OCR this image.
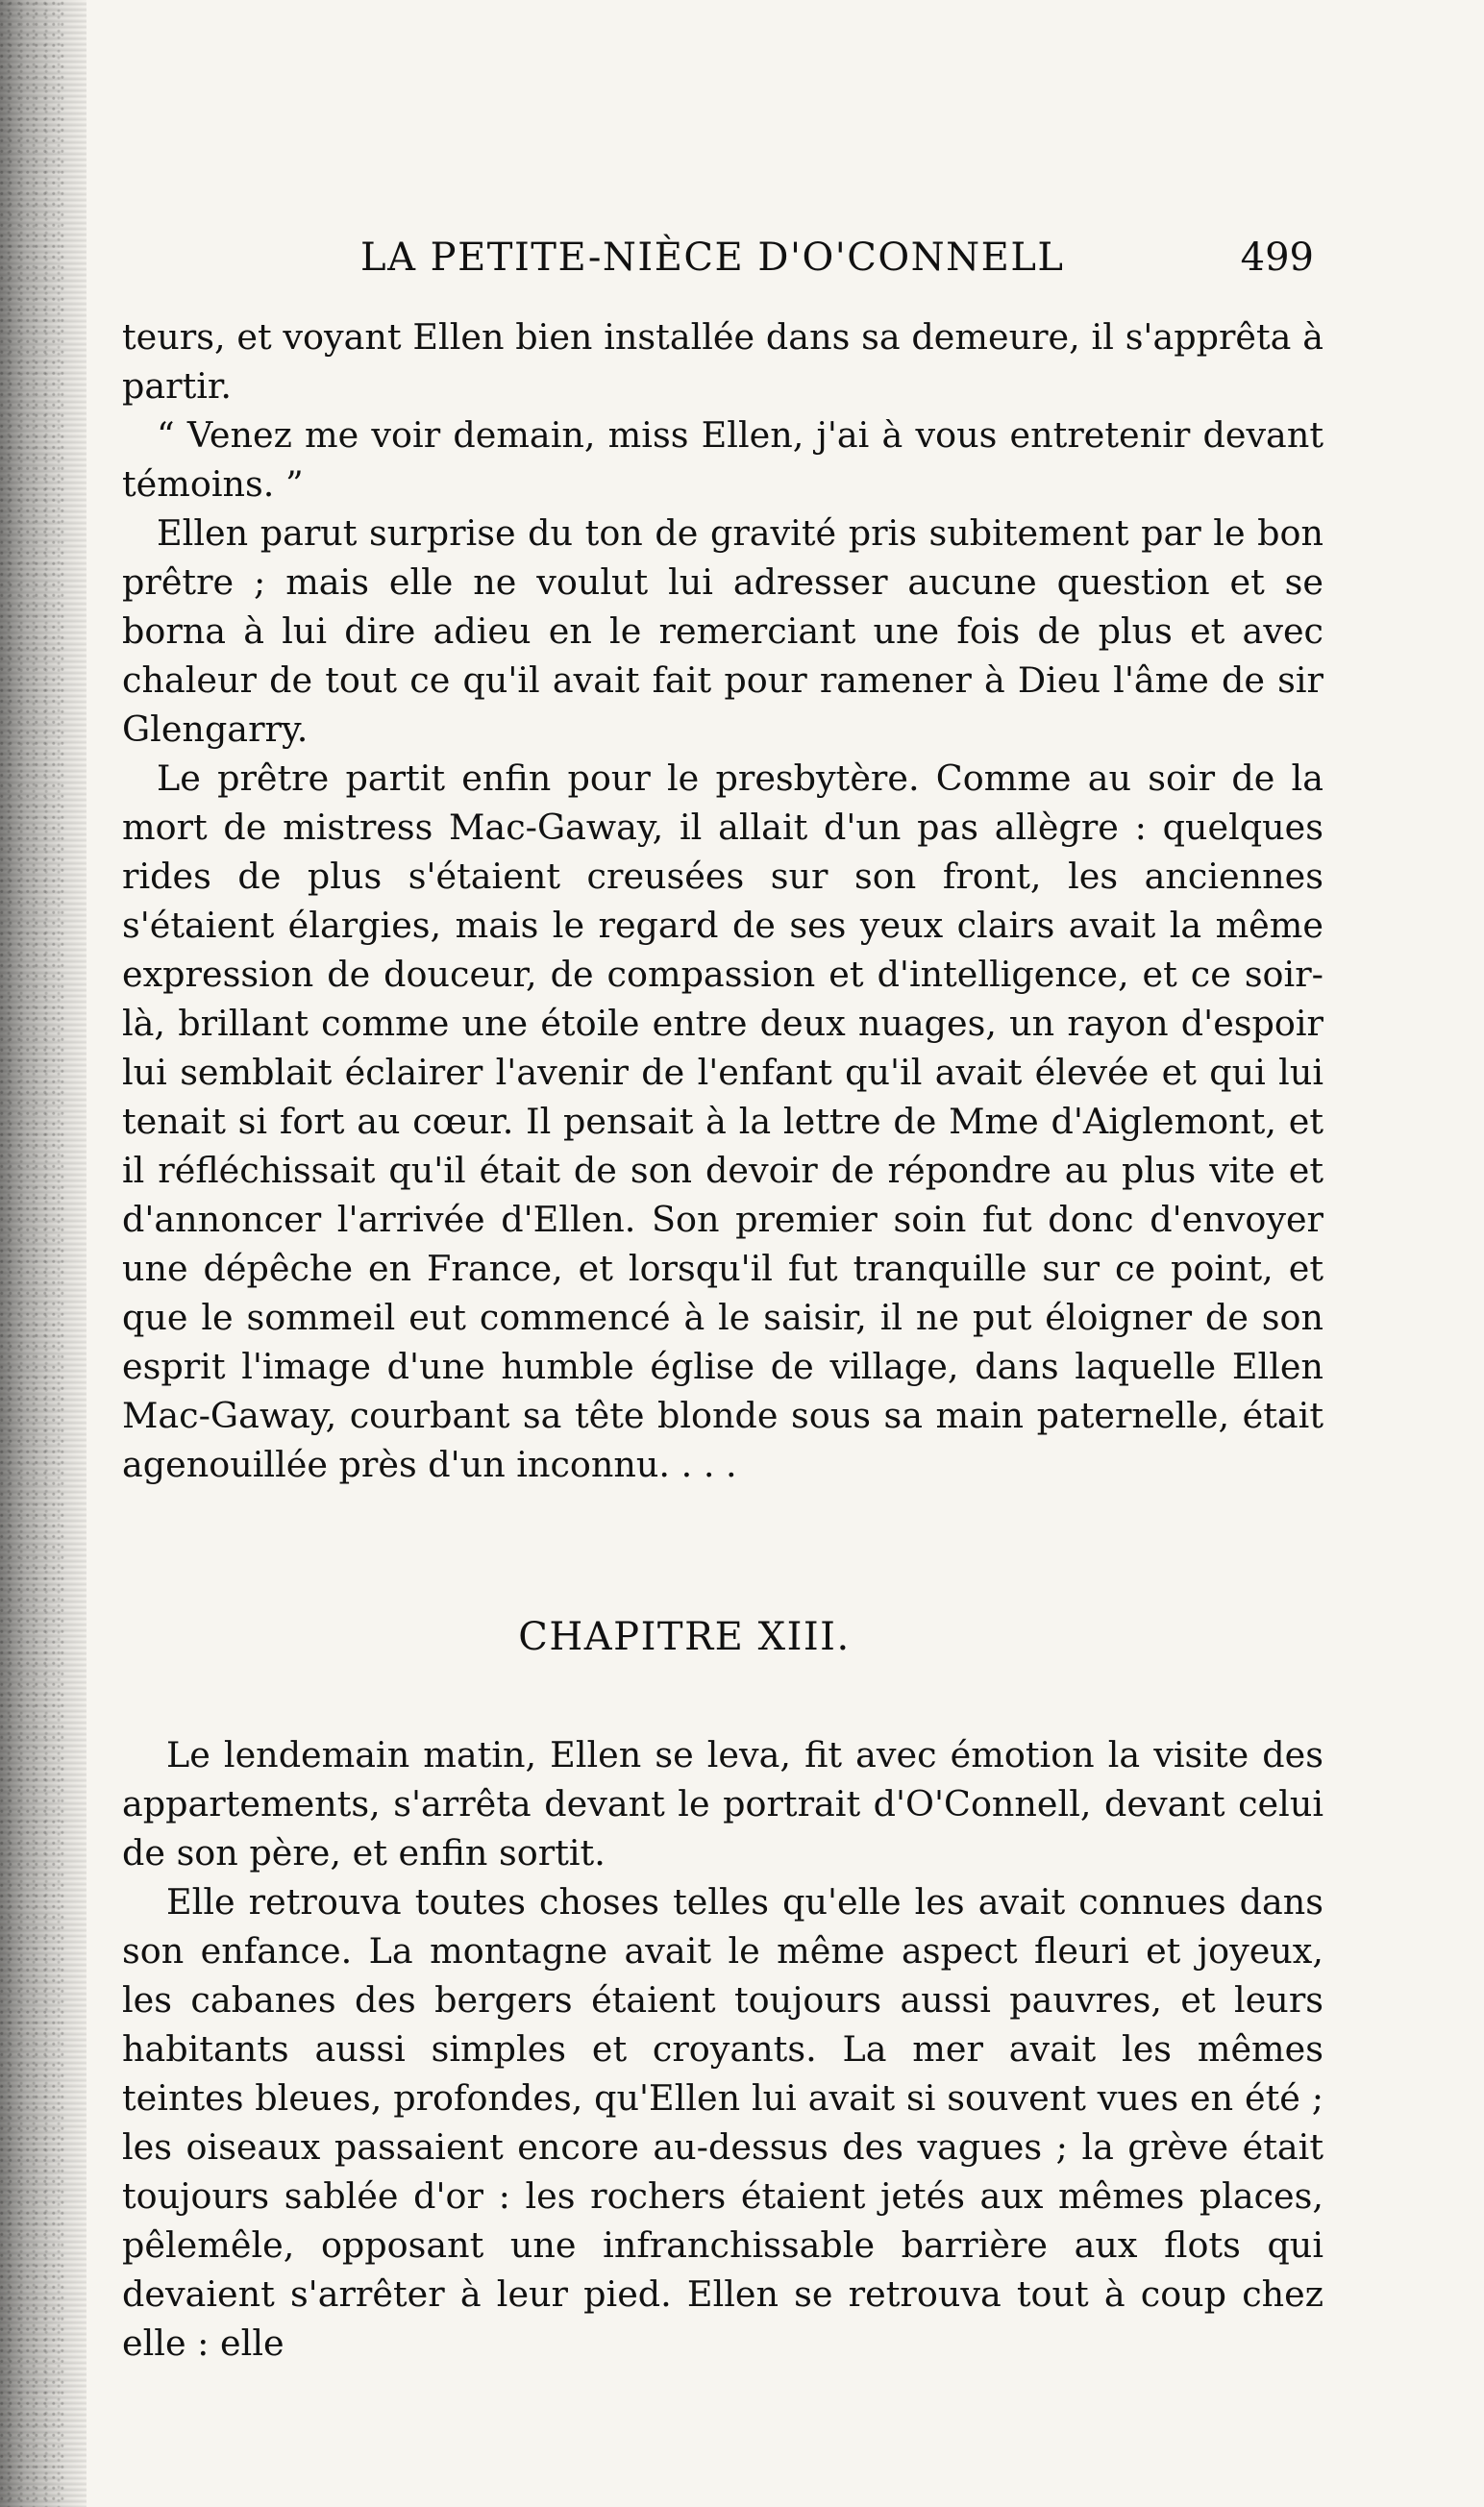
LA PETITE-NIÈCE D'O'CONNELL	499

teurs, et voyant Ellen bien installée dans sa demeure, il s'apprêta à partir.

“ Venez me voir demain, miss Ellen, j'ai à vous entretenir devant témoins. ”

Ellen parut surprise du ton de gravité pris subitement par le bon prêtre ; mais elle ne voulut lui adresser aucune question et se borna à lui dire adieu en le remerciant une fois de plus et avec chaleur de tout ce qu'il avait fait pour ramener à Dieu l'âme de sir Glengarry.

Le prêtre partit enfin pour le presbytère. Comme au soir de la mort de mistress Mac-Gaway, il allait d'un pas allègre : quelques rides de plus s'étaient creusées sur son front, les anciennes s'étaient élargies, mais le regard de ses yeux clairs avait la même expression de douceur, de compassion et d'intelligence, et ce soir-là, brillant comme une étoile entre deux nuages, un rayon d'espoir lui semblait éclairer l'avenir de l'enfant qu'il avait élevée et qui lui tenait si fort au cœur. Il pensait à la lettre de Mme d'Aiglemont, et il réfléchissait qu'il était de son devoir de répondre au plus vite et d'annoncer l'arrivée d'Ellen. Son premier soin fut donc d'envoyer une dépêche en France, et lorsqu'il fut tranquille sur ce point, et que le sommeil eut commencé à le saisir, il ne put éloigner de son esprit l'image d'une humble église de village, dans laquelle Ellen Mac-Gaway, courbant sa tête blonde sous sa main paternelle, était agenouillée près d'un inconnu. . . .

CHAPITRE XIII.

Le lendemain matin, Ellen se leva, fit avec émotion la visite des appartements, s'arrêta devant le portrait d'O'Connell, devant celui de son père, et enfin sortit.

Elle retrouva toutes choses telles qu'elle les avait connues dans son enfance. La montagne avait le même aspect fleuri et joyeux, les cabanes des bergers étaient toujours aussi pauvres, et leurs habitants aussi simples et croyants. La mer avait les mêmes teintes bleues, profondes, qu'Ellen lui avait si souvent vues en été ; les oiseaux passaient encore au-dessus des vagues ; la grève était toujours sablée d'or : les rochers étaient jetés aux mêmes places, pêlemêle, opposant une infranchissable barrière aux flots qui devaient s'arrêter à leur pied. Ellen se retrouva tout à coup chez elle : elle
